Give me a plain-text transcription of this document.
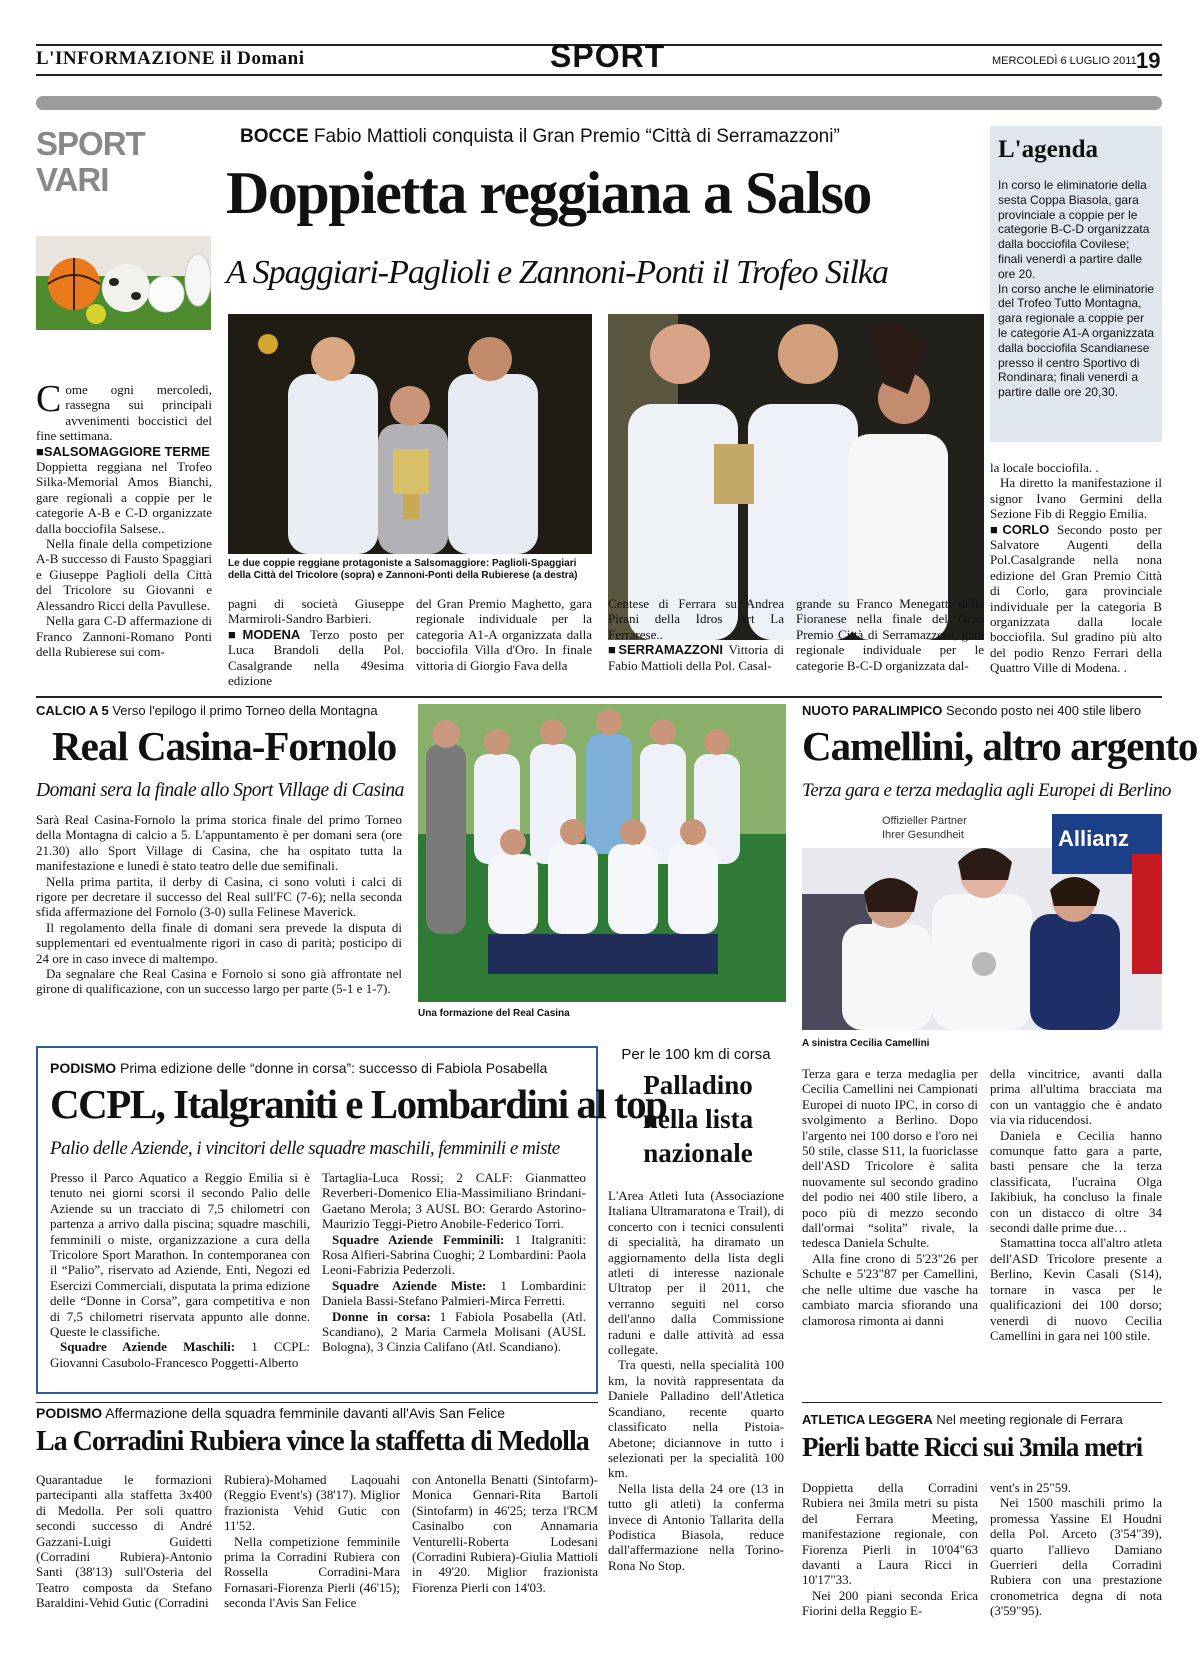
L'INFORMAZIONE il Domani	SPORT	MERCOLEDÌ 6 LUGLIO 2011 19
SPORT
VARI

Come ogni mercoledì, rassegna sui principali avvenimenti boccistici del fine settimana.

■ SALSOMAGGIORE TERME
Doppietta reggiana nel Trofeo Silka-Memorial Amos Bianchi, gare regionali a coppie per le categorie A-B e C-D organizzate dalla bocciofila Salsese..

Nella finale della competizione A-B successo di Fausto Spaggiari e Giuseppe Paglioli della Città del Tricolore su Giovanni e Alessandro Ricci della Pavullese.

Nella gara C-D affermazione di Franco Zannoni-Romano Ponti della Rubierese sui com-

BOCCE Fabio Mattioli conquista il Gran Premio “Città di Serramazzoni”
Doppietta reggiana a Salso
A Spaggiari-Paglioli e Zannoni-Ponti il Trofeo Silka
Le due coppie reggiane protagoniste a Salsomaggiore: Paglioli-Spaggiari della Città del Tricolore (sopra) e Zannoni-Ponti della Rubierese (a destra)
pagni di società Giuseppe Marmiroli-Sandro Barbieri.
■ MODENA Terzo posto per Luca Brandoli della Pol. Casalgrande nella 49esima edizione
del Gran Premio Maghetto, gara regionale individuale per la categoria A1-A organizzata dalla bocciofila Villa d'Oro. In finale vittoria di Giorgio Fava della
Centese di Ferrara su Andrea Pirani della Idros Art La Ferrarese..
■ SERRAMAZZONI Vittoria di Fabio Mattioli della Pol. Casal-
grande su Franco Menegatti della Fioranese nella finale del Gran Premio Città di Serramazzoni, gara regionale individuale per le categorie B-C-D organizzata dal-
la locale bocciofila. .

Ha diretto la manifestazione il signor Ivano Germini della Sezione Fib di Reggio Emilia.

■ CORLO Secondo posto per Salvatore Augenti della Pol.Casalgrande nella nona edizione del Gran Premio Città di Corlo, gara provinciale individuale per la categoria B organizzata dalla locale bocciofila. Sul gradino più alto del podio Renzo Ferrari della Quattro Ville di Modena. .

L'agenda
In corso le eliminatorie della sesta Coppa Biasola, gara provinciale a coppie per le categorie B-C-D organizzata dalla bocciofila Covilese; finali venerdì a partire dalle ore 20.
In corso anche le eliminatorie del Trofeo Tutto Montagna, gara regionale a coppie per le categorie A1-A organizzata dalla bocciofila Scandianese presso il centro Sportivo di Rondinara; finali venerdì a partire dalle ore 20,30.
CALCIO A 5 Verso l'epilogo il primo Torneo della Montagna
Real Casina-Fornolo
Domani sera la finale allo Sport Village di Casina

Sarà Real Casina-Fornolo la prima storica finale del primo Torneo della Montagna di calcio a 5. L'appuntamento è per domani sera (ore 21.30) allo Sport Village di Casina, che ha ospitato tutta la manifestazione e lunedì è stato teatro delle due semifinali.

Nella prima partita, il derby di Casina, ci sono voluti i calci di rigore per decretare il successo del Real sull'FC (7-6); nella seconda sfida affermazione del Fornolo (3-0) sulla Felinese Maverick.

Il regolamento della finale di domani sera prevede la disputa di supplementari ed eventualmente rigori in caso di parità; posticipo di 24 ore in caso invece di maltempo.

Da segnalare che Real Casina e Fornolo si sono già affrontate nel girone di qualificazione, con un successo largo per parte (5-1 e 1-7).

Una formazione del Real Casina
NUOTO PARALIMPICO Secondo posto nei 400 stile libero
Camellini, altro argento
Terza gara e terza medaglia agli Europei di Berlino
Offizieller Partner
Ihrer Gesundheit	Allianz
A sinistra Cecilia Camellini

Terza gara e terza medaglia per Cecilia Camellini nei Campionati Europei di nuoto IPC, in corso di svolgimento a Berlino. Dopo l'argento nei 100 dorso e l'oro nei 50 stile, classe S11, la fuoriclasse dell'ASD Tricolore è salita nuovamente sul secondo gradino del podio nei 400 stile libero, a poco più di mezzo secondo dall'ormai “solita” rivale, la tedesca Daniela Schulte.

Alla fine crono di 5'23"26 per Schulte e 5'23"87 per Camellini, che nelle ultime due vasche ha cambiato marcia sfiorando una clamorosa rimonta ai danni

della vincitrice, avanti dalla prima all'ultima bracciata ma con un vantaggio che è andato via via riducendosi.

Daniela e Cecilia hanno comunque fatto gara a parte, basti pensare che la terza classificata, l'ucraina Olga Iakibiuk, ha concluso la finale con un distacco di oltre 34 secondi dalle prime due…

Stamattina tocca all'altro atleta dell'ASD Tricolore presente a Berlino, Kevin Casali (S14), tornare in vasca per le qualificazioni dei 100 dorso; venerdì di nuovo Cecilia Camellini in gara nei 100 stile.

PODISMO Prima edizione delle “donne in corsa”: successo di Fabiola Posabella
CCPL, Italgraniti e Lombardini al top
Palio delle Aziende, i vincitori delle squadre maschili, femminili e miste

Presso il Parco Aquatico a Reggio Emilia si è tenuto nei giorni scorsi il secondo Palio delle Aziende su un tracciato di 7,5 chilometri con partenza a arrivo dalla piscina; squadre maschili, femminili o miste, organizzazione a cura della Tricolore Sport Marathon. In contemporanea con il “Palio”, riservato ad Aziende, Enti, Negozi ed Esercizi Commerciali, disputata la prima edizione delle “Donne in Corsa”, gara competitiva e non di 7,5 chilometri riservata appunto alle donne. Queste le classifiche.

Squadre Aziende Maschili: 1 CCPL: Giovanni Casubolo-Francesco Poggetti-Alberto

Tartaglia-Luca Rossi; 2 CALF: Gianmatteo Reverberi-Domenico Elia-Massimiliano Brindani-Gaetano Merola; 3 AUSL BO: Gerardo Astorino-Maurizio Teggi-Pietro Anobile-Federico Torri.

Squadre Aziende Femminili: 1 Italgraniti: Rosa Alfieri-Sabrina Cuoghi; 2 Lombardini: Paola Leoni-Fabrizia Pederzoli.

Squadre Aziende Miste: 1 Lombardini: Daniela Bassi-Stefano Palmieri-Mirca Ferretti.

Donne in corsa: 1 Fabiola Posabella (Atl. Scandiano), 2 Maria Carmela Molisani (AUSL Bologna), 3 Cinzia Califano (Atl. Scandiano).

Per le 100 km di corsa
Palladino nella lista nazionale

L'Area Atleti Iuta (Associazione Italiana Ultramaratona e Trail), di concerto con i tecnici consulenti di specialità, ha diramato un aggiornamento della lista degli atleti di interesse nazionale Ultratop per il 2011, che verranno seguiti nel corso dell'anno dalla Commissione raduni e dalle attività ad essa collegate.

Tra questi, nella specialità 100 km, la novità rappresentata da Daniele Palladino dell'Atletica Scandiano, recente quarto classificato nella Pistoia-Abetone; diciannove in tutto i selezionati per la specialità 100 km.

Nella lista della 24 ore (13 in tutto gli atleti) la conferma invece di Antonio Tallarita della Podistica Biasola, reduce dall'affermazione nella Torino-Rona No Stop.

PODISMO Affermazione della squadra femminile davanti all'Avis San Felice
La Corradini Rubiera vince la staffetta di Medolla

Quarantadue le formazioni partecipanti alla staffetta 3x400 di Medolla. Per soli quattro secondi successo di André Gazzani-Luigi Guidetti (Corradini Rubiera)-Antonio Santi (38'13) sull'Osteria del Teatro composta da Stefano Baraldini-Vehid Gutic (Corradini

Rubiera)-Mohamed Laqouahi (Reggio Event's) (38'17). Miglior frazionista Vehid Gutic con 11'52.

Nella competizione femminile prima la Corradini Rubiera con Rossella Corradini-Mara Fornasari-Fiorenza Pierli (46'15); seconda l'Avis San Felice

con Antonella Benatti (Sintofarm)-Monica Gennari-Rita Bartoli (Sintofarm) in 46'25; terza l'RCM Casinalbo con Annamaria Venturelli-Roberta Lodesani (Corradini Rubiera)-Giulia Mattioli in 49'20. Miglior frazionista Fiorenza Pierli con 14'03.
ATLETICA LEGGERA Nel meeting regionale di Ferrara
Pierli batte Ricci sui 3mila metri

Doppietta della Corradini Rubiera nei 3mila metri su pista del Ferrara Meeting, manifestazione regionale, con Fiorenza Pierli in 10'04"63 davanti a Laura Ricci in 10'17"33.

Nei 200 piani seconda Erica Fiorini della Reggio E-

vent's in 25"59.

Nei 1500 maschili primo la promessa Yassine El Houdni della Pol. Arceto (3'54"39), quarto l'allievo Damiano Guerrieri della Corradini Rubiera con una prestazione cronometrica degna di nota (3'59"95).
